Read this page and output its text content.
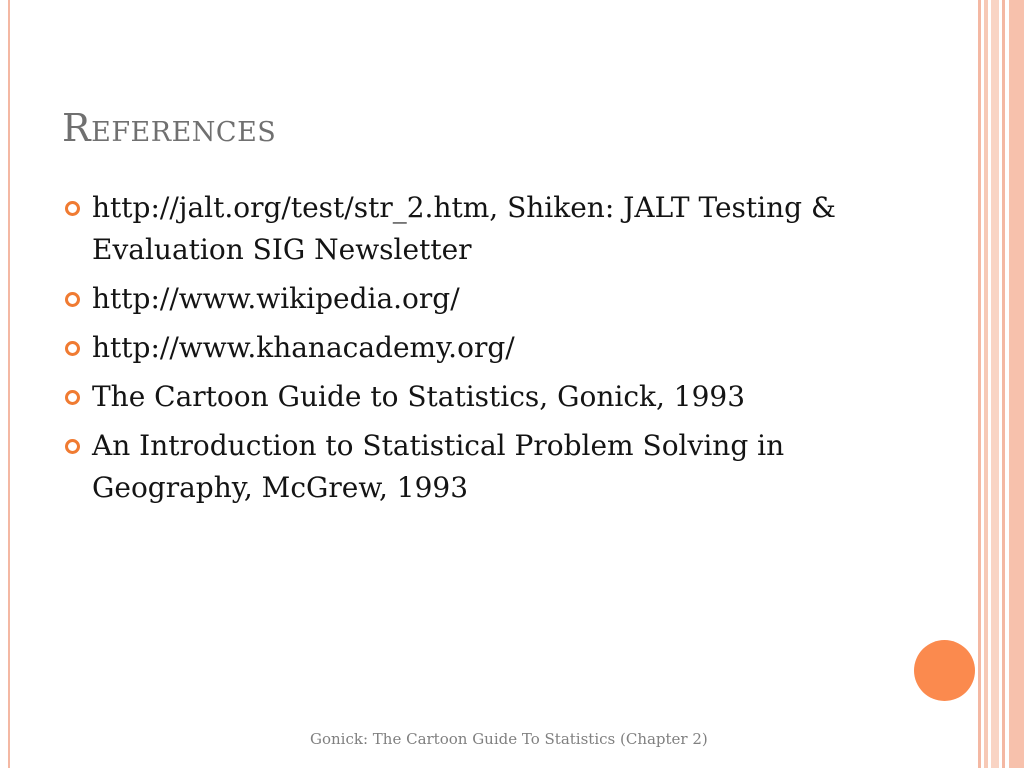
References
http://jalt.org/test/str_2.htm, Shiken: JALT Testing & Evaluation SIG Newsletter
http://www.wikipedia.org/
http://www.khanacademy.org/
The Cartoon Guide to Statistics, Gonick, 1993
An Introduction to Statistical Problem Solving in Geography, McGrew, 1993
Gonick: The Cartoon Guide To Statistics (Chapter 2)
